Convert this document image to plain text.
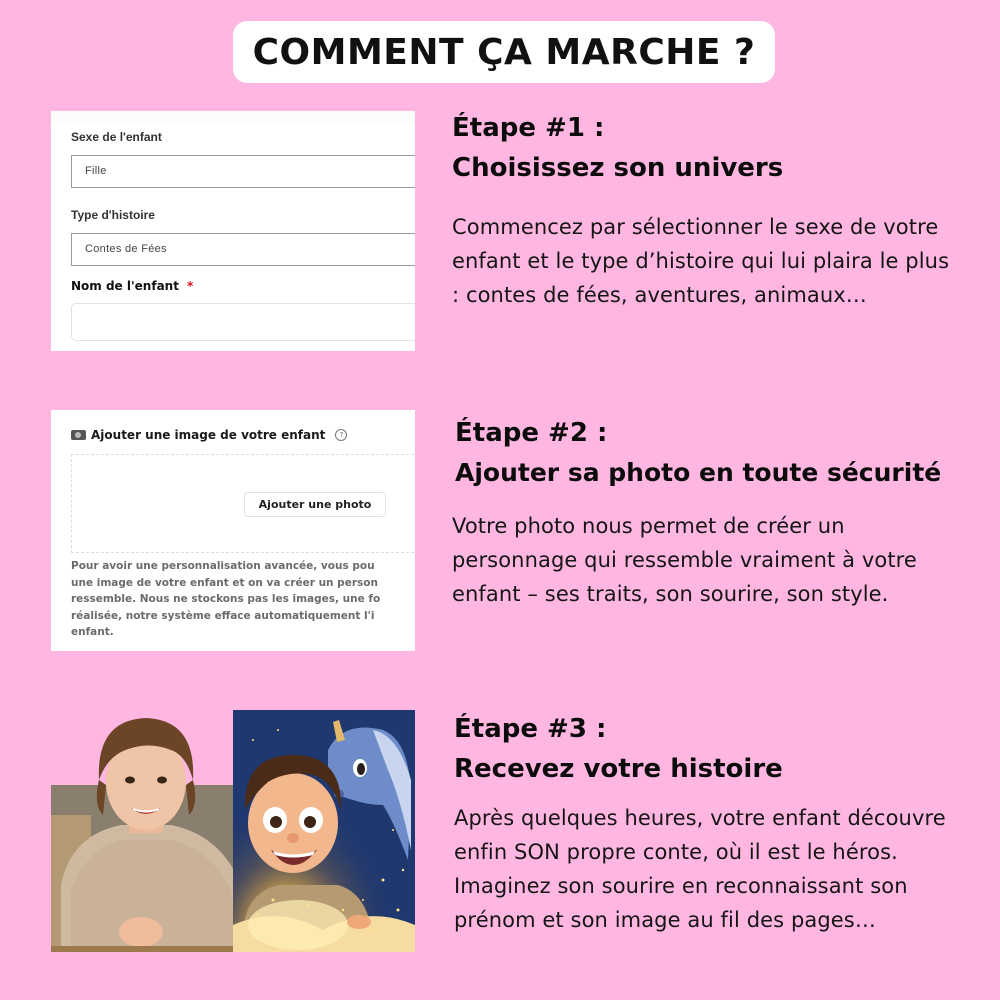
COMMENT ÇA MARCHE ?
Sexe de l'enfant
Fille
Type d'histoire
Contes de Fées
Nom de l'enfant *
Ajouter une image de votre enfant	?
Ajouter une photo
Pour avoir une personnalisation avancée, vous pou
une image de votre enfant et on va créer un person
ressemble. Nous ne stockons pas les images, une fo
réalisée, notre système efface automatiquement l'i
enfant.
Étape #1 :
Choisissez son univers

Commencez par sélectionner le sexe de votre enfant et le type d’histoire qui lui plaira le plus : contes de fées, aventures, animaux…

Étape #2 :
Ajouter sa photo en toute sécurité

Votre photo nous permet de créer un personnage qui ressemble vraiment à votre enfant – ses traits, son sourire, son style.

Étape #3 :
Recevez votre histoire

Après quelques heures, votre enfant découvre enfin SON propre conte, où il est le héros. Imaginez son sourire en reconnaissant son prénom et son image au fil des pages…
